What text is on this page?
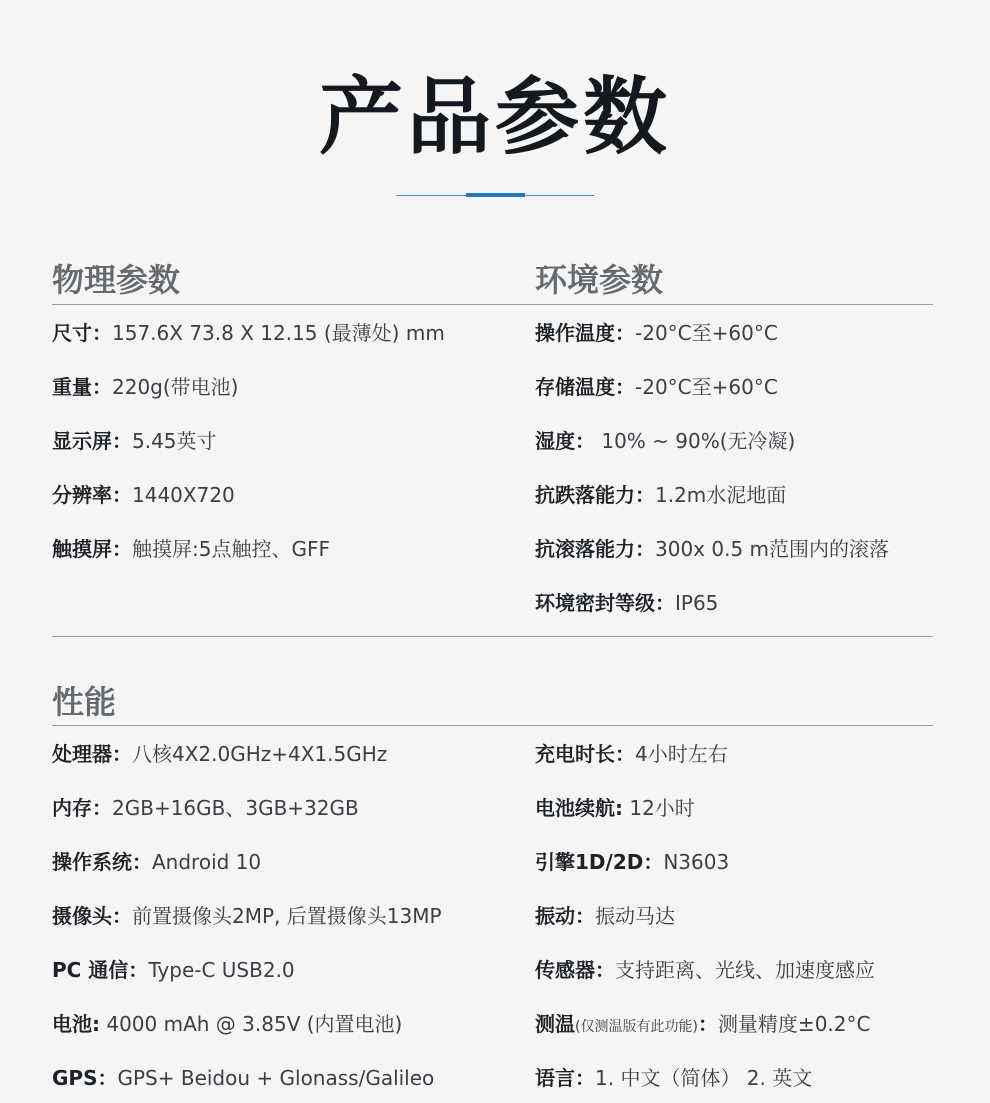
产品参数
物理参数
尺寸：157.6X 73.8 X 12.15 (最薄处) mm
重量：220g(带电池)
显示屏：5.45英寸
分辨率：1440X720
触摸屏：触摸屏:5点触控、GFF
环境参数
操作温度：-20°C至+60°C
存储温度：-20°C至+60°C
湿度： 10% ~ 90%(无冷凝)
抗跌落能力：1.2m水泥地面
抗滚落能力：300x 0.5 m范围内的滚落
环境密封等级：IP65
性能
处理器：八核4X2.0GHz+4X1.5GHz
内存：2GB+16GB、3GB+32GB
操作系统：Android 10
摄像头：前置摄像头2MP, 后置摄像头13MP
PC 通信：Type-C USB2.0
电池: 4000 mAh @ 3.85V (内置电池)
GPS：GPS+ Beidou + Glonass/Galileo
充电时长：4小时左右
电池续航: 12小时
引擎1D/2D：N3603
振动：振动马达
传感器：支持距离、光线、加速度感应
测温(仅测温版有此功能)：测量精度±0.2°C
语言：1. 中文（简体） 2. 英文
